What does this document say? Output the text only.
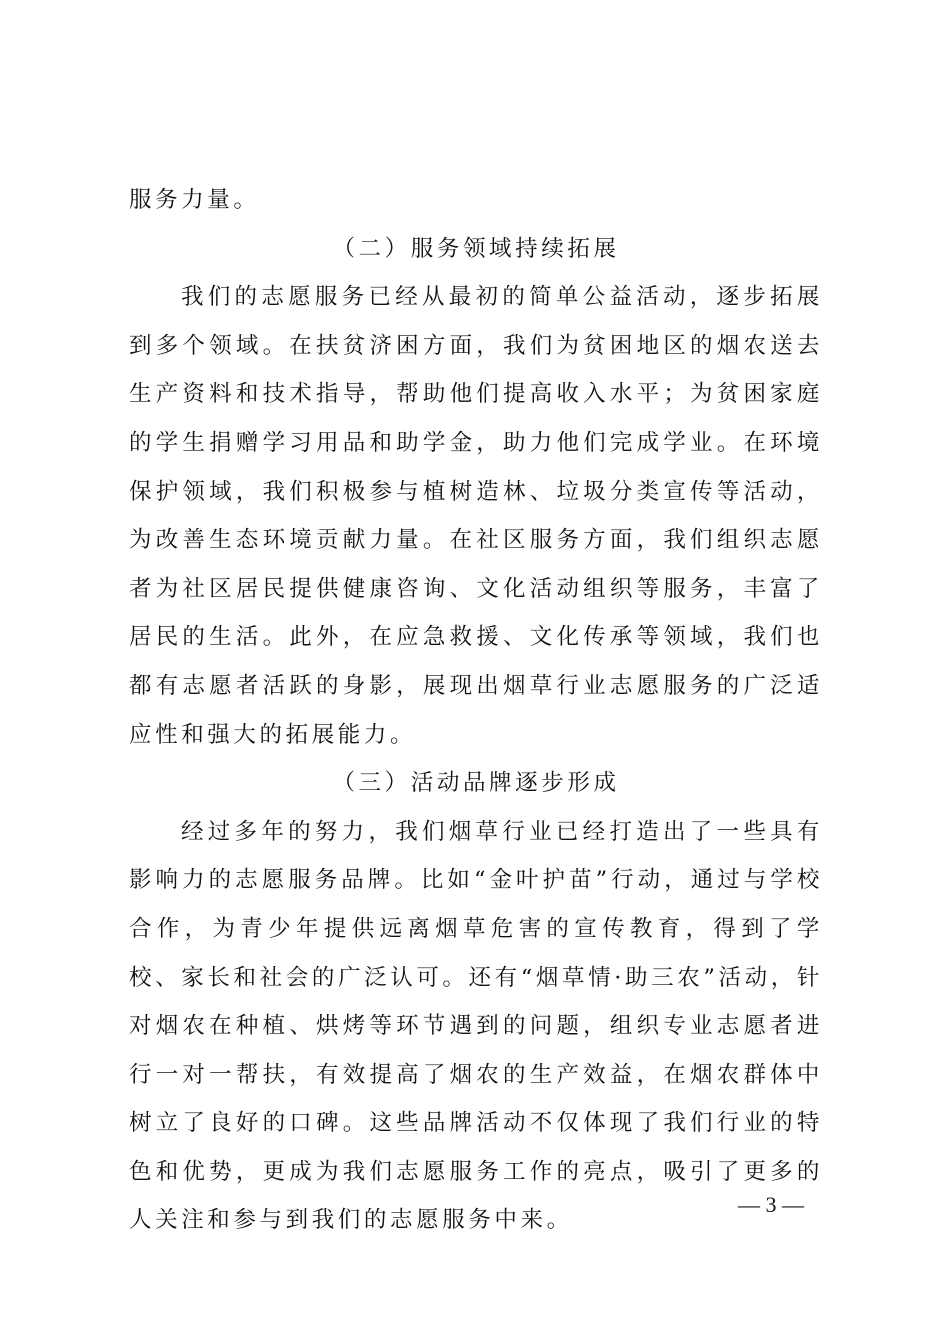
服务力量。

（二）服务领域持续拓展

我们的志愿服务已经从最初的简单公益活动，逐步拓展到多个领域。在扶贫济困方面，我们为贫困地区的烟农送去生产资料和技术指导，帮助他们提高收入水平；为贫困家庭的学生捐赠学习用品和助学金，助力他们完成学业。在环境保护领域，我们积极参与植树造林、垃圾分类宣传等活动，为改善生态环境贡献力量。在社区服务方面，我们组织志愿者为社区居民提供健康咨询、文化活动组织等服务，丰富了居民的生活。此外，在应急救援、文化传承等领域，我们也都有志愿者活跃的身影，展现出烟草行业志愿服务的广泛适应性和强大的拓展能力。

（三）活动品牌逐步形成

经过多年的努力，我们烟草行业已经打造出了一些具有影响力的志愿服务品牌。比如“金叶护苗”行动，通过与学校合作，为青少年提供远离烟草危害的宣传教育，得到了学校、家长和社会的广泛认可。还有“烟草情·助三农”活动，针对烟农在种植、烘烤等环节遇到的问题，组织专业志愿者进行一对一帮扶，有效提高了烟农的生产效益，在烟农群体中树立了良好的口碑。这些品牌活动不仅体现了我们行业的特色和优势，更成为我们志愿服务工作的亮点，吸引了更多的人关注和参与到我们的志愿服务中来。

— 3 —
